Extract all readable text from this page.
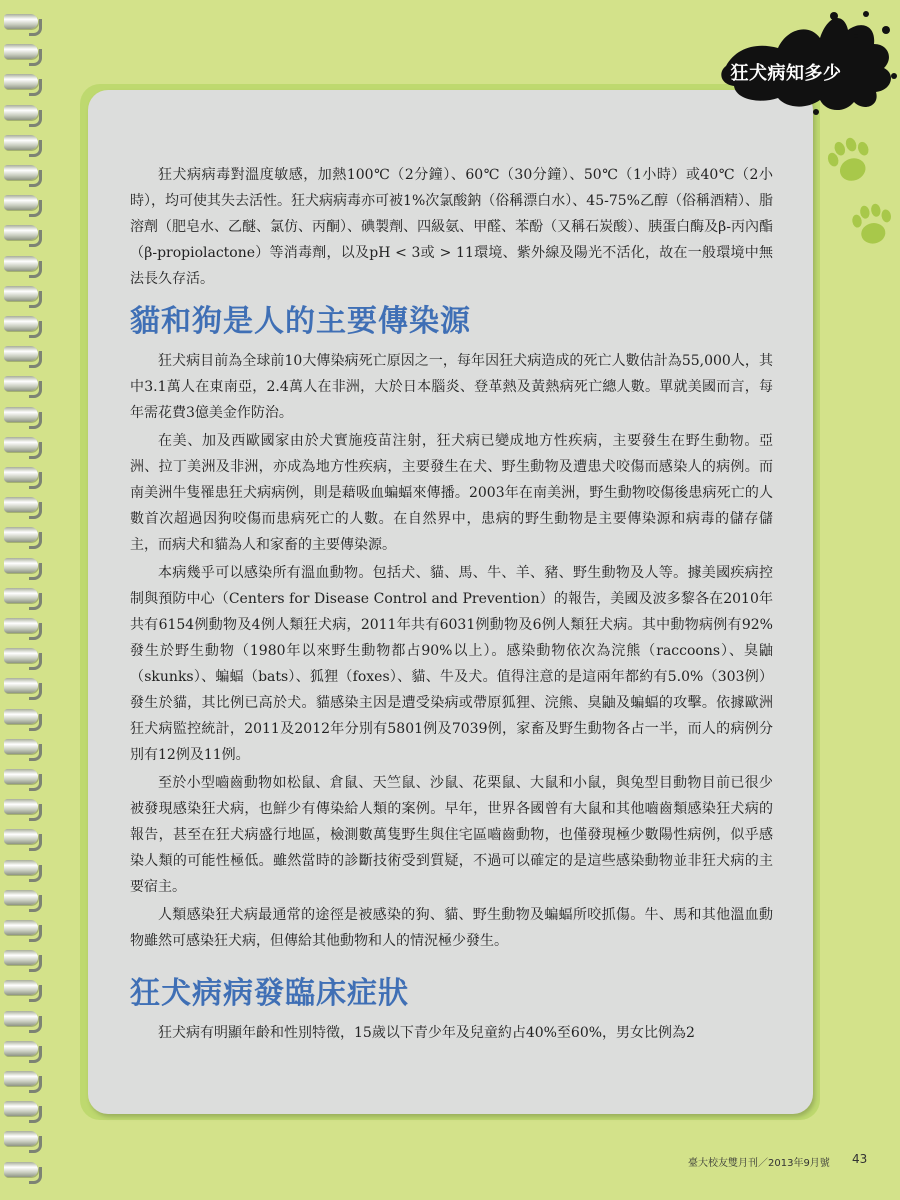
狂犬病知多少

狂犬病病毒對溫度敏感，加熱100℃（2分鐘）、60℃（30分鐘）、50℃（1小時）或40℃（2小時），均可使其失去活性。狂犬病病毒亦可被1%次氯酸鈉（俗稱漂白水）、45-75%乙醇（俗稱酒精）、脂溶劑（肥皂水、乙醚、氯仿、丙酮）、碘製劑、四級氨、甲醛、苯酚（又稱石炭酸）、胰蛋白酶及β-丙內酯（β-propiolactone）等消毒劑，以及pH < 3或 > 11環境、紫外線及陽光不活化，故在一般環境中無法長久存活。

貓和狗是人的主要傳染源

狂犬病目前為全球前10大傳染病死亡原因之一，每年因狂犬病造成的死亡人數估計為55,000人，其中3.1萬人在東南亞，2.4萬人在非洲，大於日本腦炎、登革熱及黃熱病死亡總人數。單就美國而言，每年需花費3億美金作防治。

在美、加及西歐國家由於犬實施疫苗注射，狂犬病已變成地方性疾病，主要發生在野生動物。亞洲、拉丁美洲及非洲，亦成為地方性疾病，主要發生在犬、野生動物及遭患犬咬傷而感染人的病例。而南美洲牛隻罹患狂犬病病例，則是藉吸血蝙蝠來傳播。2003年在南美洲，野生動物咬傷後患病死亡的人數首次超過因狗咬傷而患病死亡的人數。在自然界中，患病的野生動物是主要傳染源和病毒的儲存儲主，而病犬和貓為人和家畜的主要傳染源。

本病幾乎可以感染所有溫血動物。包括犬、貓、馬、牛、羊、豬、野生動物及人等。據美國疾病控制與預防中心（Centers for Disease Control and Prevention）的報告，美國及波多黎各在2010年共有6154例動物及4例人類狂犬病，2011年共有6031例動物及6例人類狂犬病。其中動物病例有92%發生於野生動物（1980年以來野生動物都占90%以上）。感染動物依次為浣熊（raccoons）、臭鼬（skunks）、蝙蝠（bats）、狐狸（foxes）、貓、牛及犬。值得注意的是這兩年都約有5.0%（303例）發生於貓，其比例已高於犬。貓感染主因是遭受染病或帶原狐狸、浣熊、臭鼬及蝙蝠的攻擊。依據歐洲狂犬病監控統計，2011及2012年分別有5801例及7039例，家畜及野生動物各占一半，而人的病例分別有12例及11例。

至於小型嚙齒動物如松鼠、倉鼠、天竺鼠、沙鼠、花栗鼠、大鼠和小鼠，與兔型目動物目前已很少被發現感染狂犬病，也鮮少有傳染給人類的案例。早年，世界各國曾有大鼠和其他嚙齒類感染狂犬病的報告，甚至在狂犬病盛行地區，檢測數萬隻野生與住宅區嚙齒動物，也僅發現極少數陽性病例，似乎感染人類的可能性極低。雖然當時的診斷技術受到質疑，不過可以確定的是這些感染動物並非狂犬病的主要宿主。

人類感染狂犬病最通常的途徑是被感染的狗、貓、野生動物及蝙蝠所咬抓傷。牛、馬和其他溫血動物雖然可感染狂犬病，但傳給其他動物和人的情況極少發生。

狂犬病病發臨床症狀

狂犬病有明顯年齡和性別特徵，15歲以下青少年及兒童約占40%至60%，男女比例為2

臺大校友雙月刊／2013年9月號 43
